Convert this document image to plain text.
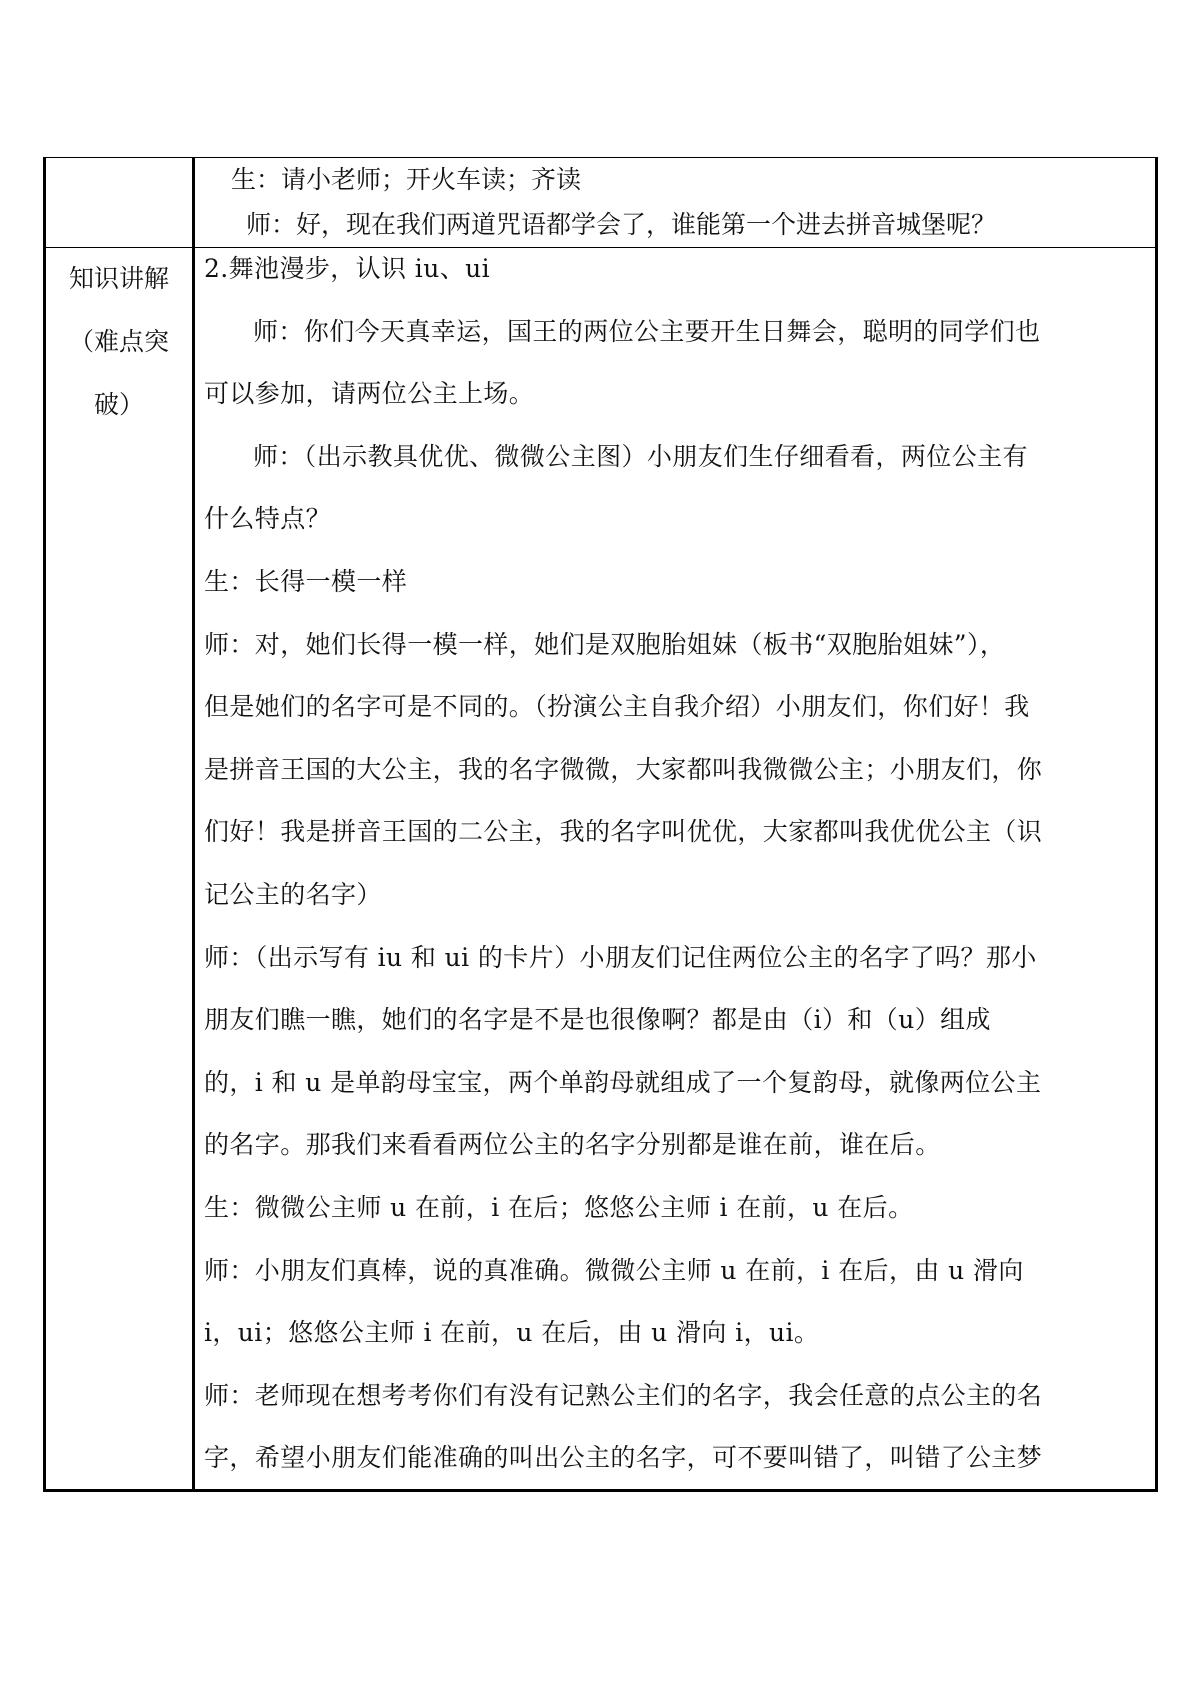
生：请小老师；开火车读；齐读
师：好，现在我们两道咒语都学会了，谁能第一个进去拼音城堡呢？
知识讲解
（难点突
破）
2.舞池漫步，认识 iu、ui
师：你们今天真幸运，国王的两位公主要开生日舞会，聪明的同学们也
可以参加，请两位公主上场。
师：（出示教具优优、微微公主图）小朋友们生仔细看看，两位公主有
什么特点？
生：长得一模一样
师：对，她们长得一模一样，她们是双胞胎姐妹（板书“双胞胎姐妹”），
但是她们的名字可是不同的。（扮演公主自我介绍）小朋友们，你们好！我
是拼音王国的大公主，我的名字微微，大家都叫我微微公主；小朋友们，你
们好！我是拼音王国的二公主，我的名字叫优优，大家都叫我优优公主（识
记公主的名字）
师：（出示写有 iu 和 ui 的卡片）小朋友们记住两位公主的名字了吗？那小
朋友们瞧一瞧，她们的名字是不是也很像啊？都是由（i）和（u）组成
的，i 和 u 是单韵母宝宝，两个单韵母就组成了一个复韵母，就像两位公主
的名字。那我们来看看两位公主的名字分别都是谁在前，谁在后。
生：微微公主师 u 在前，i 在后；悠悠公主师 i 在前，u 在后。
师：小朋友们真棒，说的真准确。微微公主师 u 在前，i 在后，由 u 滑向
i，ui；悠悠公主师 i 在前，u 在后，由 u 滑向 i，ui。
师：老师现在想考考你们有没有记熟公主们的名字，我会任意的点公主的名
字，希望小朋友们能准确的叫出公主的名字，可不要叫错了，叫错了公主梦
